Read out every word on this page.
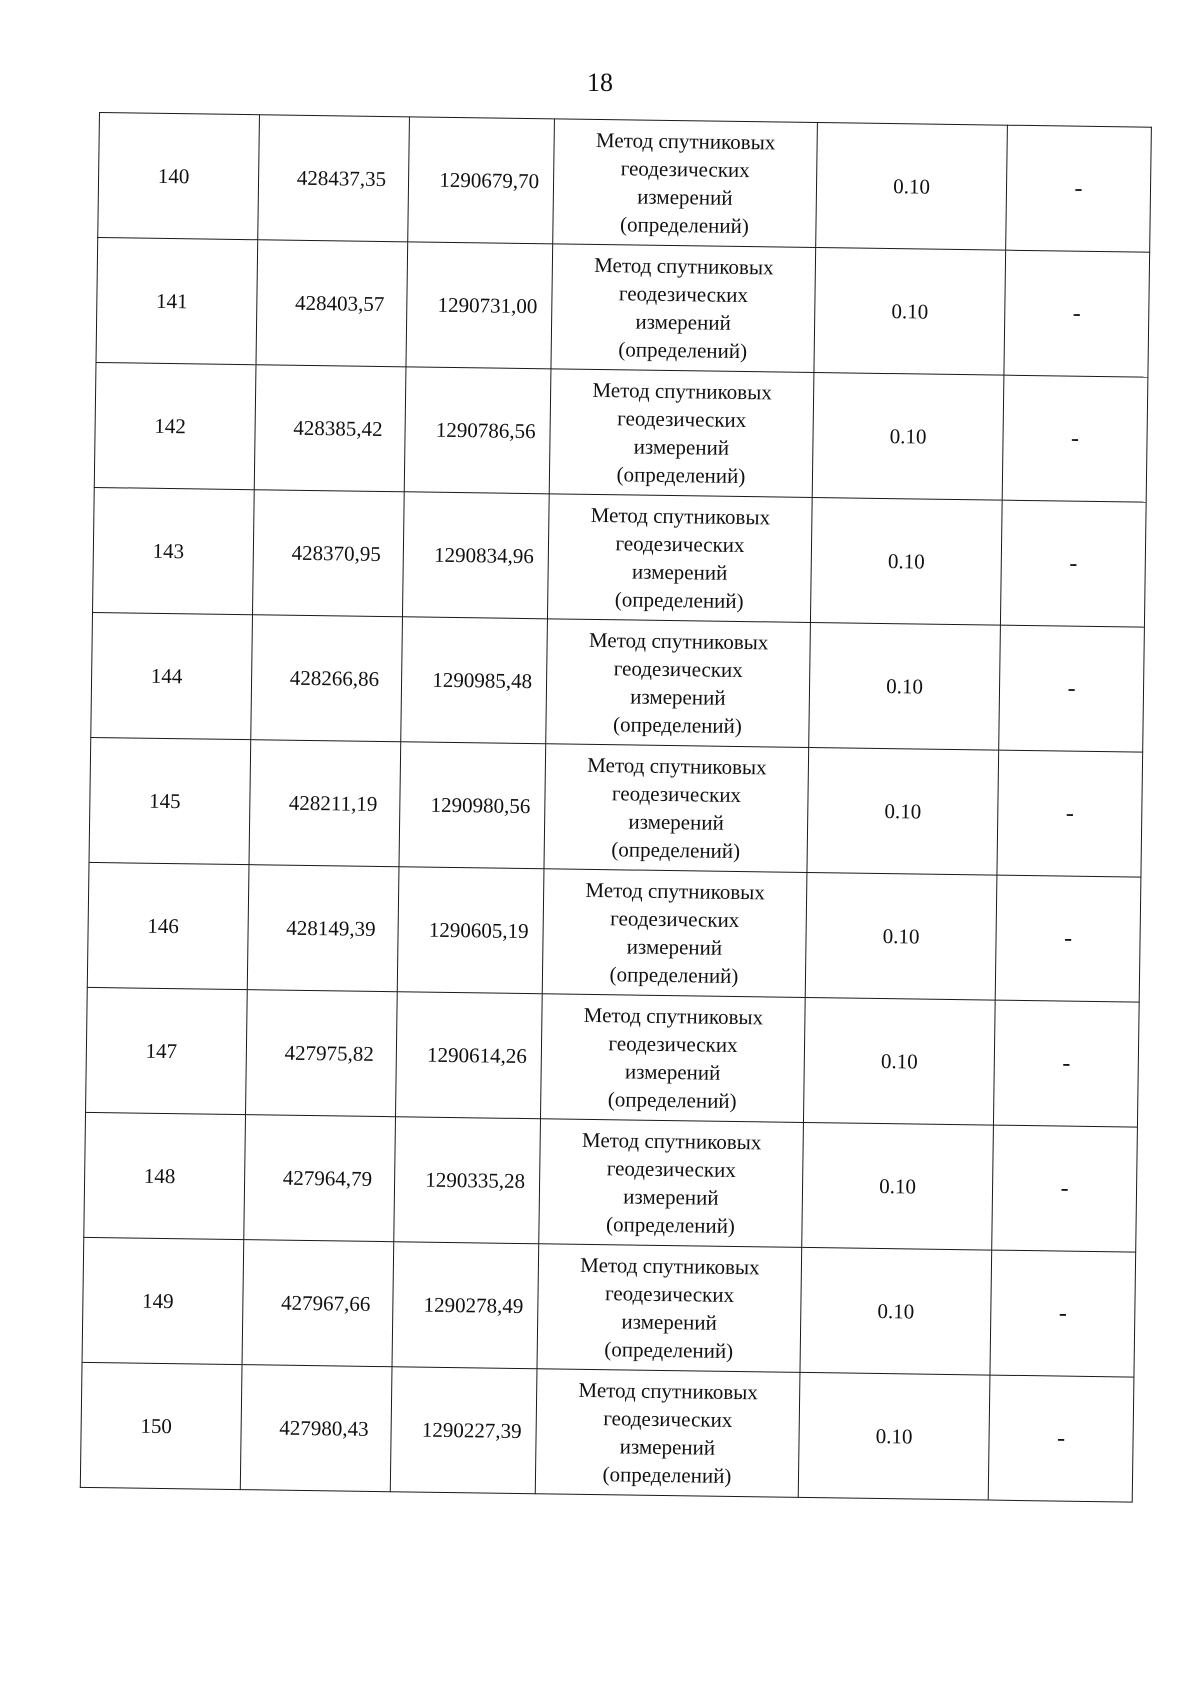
18
140	428437,35	1290679,70	Метод спутниковых
геодезических
измерений
(определений)	0.10	-
141	428403,57	1290731,00	Метод спутниковых
геодезических
измерений
(определений)	0.10	-
142	428385,42	1290786,56	Метод спутниковых
геодезических
измерений
(определений)	0.10	-
143	428370,95	1290834,96	Метод спутниковых
геодезических
измерений
(определений)	0.10	-
144	428266,86	1290985,48	Метод спутниковых
геодезических
измерений
(определений)	0.10	-
145	428211,19	1290980,56	Метод спутниковых
геодезических
измерений
(определений)	0.10	-
146	428149,39	1290605,19	Метод спутниковых
геодезических
измерений
(определений)	0.10	-
147	427975,82	1290614,26	Метод спутниковых
геодезических
измерений
(определений)	0.10	-
148	427964,79	1290335,28	Метод спутниковых
геодезических
измерений
(определений)	0.10	-
149	427967,66	1290278,49	Метод спутниковых
геодезических
измерений
(определений)	0.10	-
150	427980,43	1290227,39	Метод спутниковых
геодезических
измерений
(определений)	0.10	-
